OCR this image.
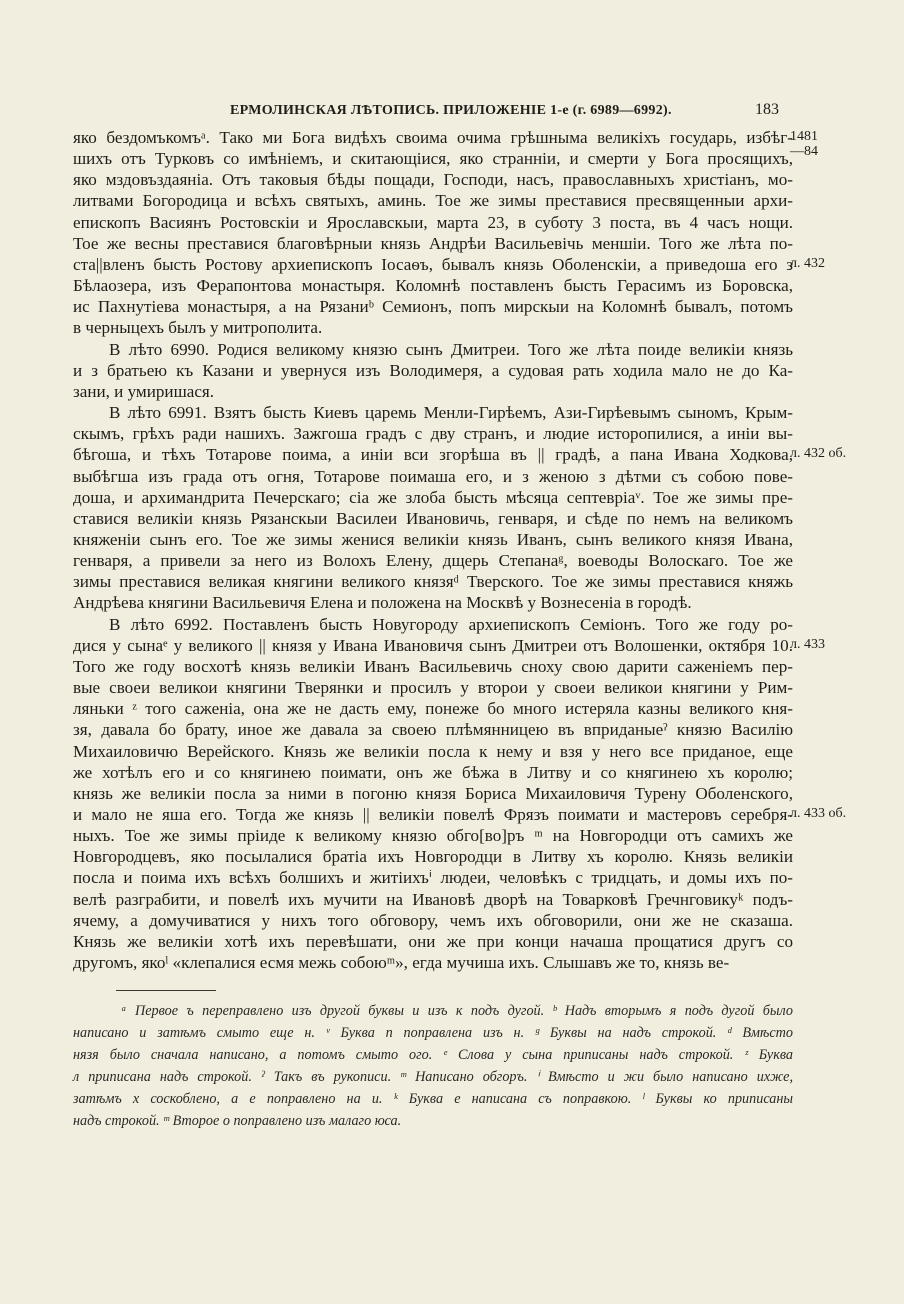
ЕРМОЛИНСКАЯ ЛѢТОПИСЬ. ПРИЛОЖЕНІЕ 1-е (г. 6989—6992).	183
яко бездомъкомъᵃ. Тако ми Бога видѣхъ своима очима грѣшныма великіхъ государь, избѣг-
шихъ отъ Турковъ со имѣніемъ, и скитающіися, яко странніи, и смерти у Бога просящихъ,
яко мздовъздаяніа. Отъ таковыя бѣды пощади, Господи, насъ, православныхъ христіанъ, мо-
литвами Богородица и всѣхъ святыхъ, аминь. Тое же зимы преставися пресвященныи архи-
епископъ Васиянъ Ростовскіи и Ярославскыи, марта 23, в суботу 3 поста, въ 4 часъ нощи.
Тое же весны преставися благовѣрныи князь Андрѣи Васильевічь меншіи. Того же лѣта по-
ста||вленъ бысть Ростову архиепископъ Іосаѳъ, бывалъ князь Оболенскіи, а приведоша его з
Бѣлаозера, изъ Ферапонтова монастыря. Коломнѣ поставленъ бысть Герасимъ из Боровска,
ис Пахнутіева монастыря, а на Рязаниᵇ Семионъ, попъ мирскыи на Коломнѣ бывалъ, потомъ
в черныцехъ былъ у митрополита.
В лѣто 6990. Родися великому князю сынъ Дмитреи. Того же лѣта поиде великіи князь
и з братьею къ Казани и увернуся изъ Володимеря, а судовая рать ходила мало не до Ка-
зани, и умиришася.
В лѣто 6991. Взятъ бысть Киевъ царемь Менли-Гирѣемъ, Ази-Гирѣевымъ сыномъ, Крым-
скымъ, грѣхъ ради нашихъ. Зажгоша градъ с дву странъ, и людие исторопилися, а иніи вы-
бѣгоша, и тѣхъ Тотарове поима, а иніи вси згорѣша въ || градѣ, а пана Ивана Ходкова,
выбѣгша изъ града отъ огня, Тотарове поимаша его, и з женою з дѣтми съ собою пове-
доша, и архимандрита Печерскаго; сіа же злоба бысть мѣсяца септевріаᵛ. Тое же зимы пре-
ставися великіи князь Рязанскыи Василеи Ивановичь, генваря, и сѣде по немъ на великомъ
княженіи сынъ его. Тое же зимы женися великіи князь Иванъ, сынъ великого князя Ивана,
генваря, а привели за него из Волохъ Елену, дщерь Степанаᵍ, воеводы Волоскаго. Тое же
зимы преставися великая княгини великого князяᵈ Тверского. Тое же зимы преставися княжь
Андрѣева княгини Васильевичя Елена и положена на Москвѣ у Вознесеніа в городѣ.
В лѣто 6992. Поставленъ бысть Новугороду архиепископъ Семіонъ. Того же году ро-
дися у сынаᵉ у великого || князя у Ивана Ивановичя сынъ Дмитреи отъ Волошенки, октября 10.
Того же году восхотѣ князь великіи Иванъ Васильевичь сноху свою дарити саженіемъ пер-
вые своеи великои княгини Тверянки и просилъ у второи у своеи великои княгини у Рим-
ляньки ᶻ того саженіа, она же не дасть ему, понеже бо много истеряла казны великого кня-
зя, давала бо брату, иное же давала за своею плѣмянницею въ вприданыеˀ князю Василію
Михаиловичю Верейского. Князь же великіи посла к нему и взя у него все приданое, еще
же хотѣлъ его и со княгинею поимати, онъ же бѣжа в Литву и со княгинею хъ королю;
князь же великіи посла за ними в погоню князя Бориса Михаиловичя Турену Оболенского,
и мало не яша его. Тогда же князь || великіи повелѣ Фрязъ поимати и мастеровъ серебря-
ныхъ. Тое же зимы пріиде к великому князю обго[во]ръ ᵐ на Новгородци отъ самихъ же
Новгородцевъ, яко посылалися братіа ихъ Новгородци в Литву хъ королю. Князь великіи
посла и поима ихъ всѣхъ болшихъ и житіихъⁱ людеи, человѣкъ с тридцать, и домы ихъ по-
велѣ разграбити, и повелѣ ихъ мучити на Ивановѣ дворѣ на Товарковѣ Гречнговикуᵏ подъ-
ячему, а домучиватися у нихъ того обговору, чемъ ихъ обговорили, они же не сказаша.
Князь же великіи хотѣ ихъ перевѣшати, они же при конци начаша прощатися другъ со
другомъ, якоˡ «клепалися есмя межь собоюᵐ», егда мучиша ихъ. Слышавъ же то, князь ве-
1481
—84
л. 432
л. 432 об.
л. 433
л. 433 об.
ᵃ Первое ъ переправлено изъ другой буквы и изъ к подъ дугой. ᵇ Надъ вторымъ я подъ дугой было
написано и затѣмъ смыто еще н. ᵛ Буква п поправлена изъ н. ᵍ Буквы на надъ строкой. ᵈ Вмѣсто
нязя было сначала написано, а потомъ смыто ого. ᵉ Слова у сына приписаны надъ строкой. ᶻ Буква
л приписана надъ строкой. ˀ Такъ въ рукописи. ᵐ Написано обгоръ. ⁱ Вмѣсто и жи было написано ихже,
затѣмъ х соскоблено, а е поправлено на и. ᵏ Буква е написана съ поправкою. ˡ Буквы ко приписаны
надъ строкой. ᵐ Второе о поправлено изъ малаго юса.
